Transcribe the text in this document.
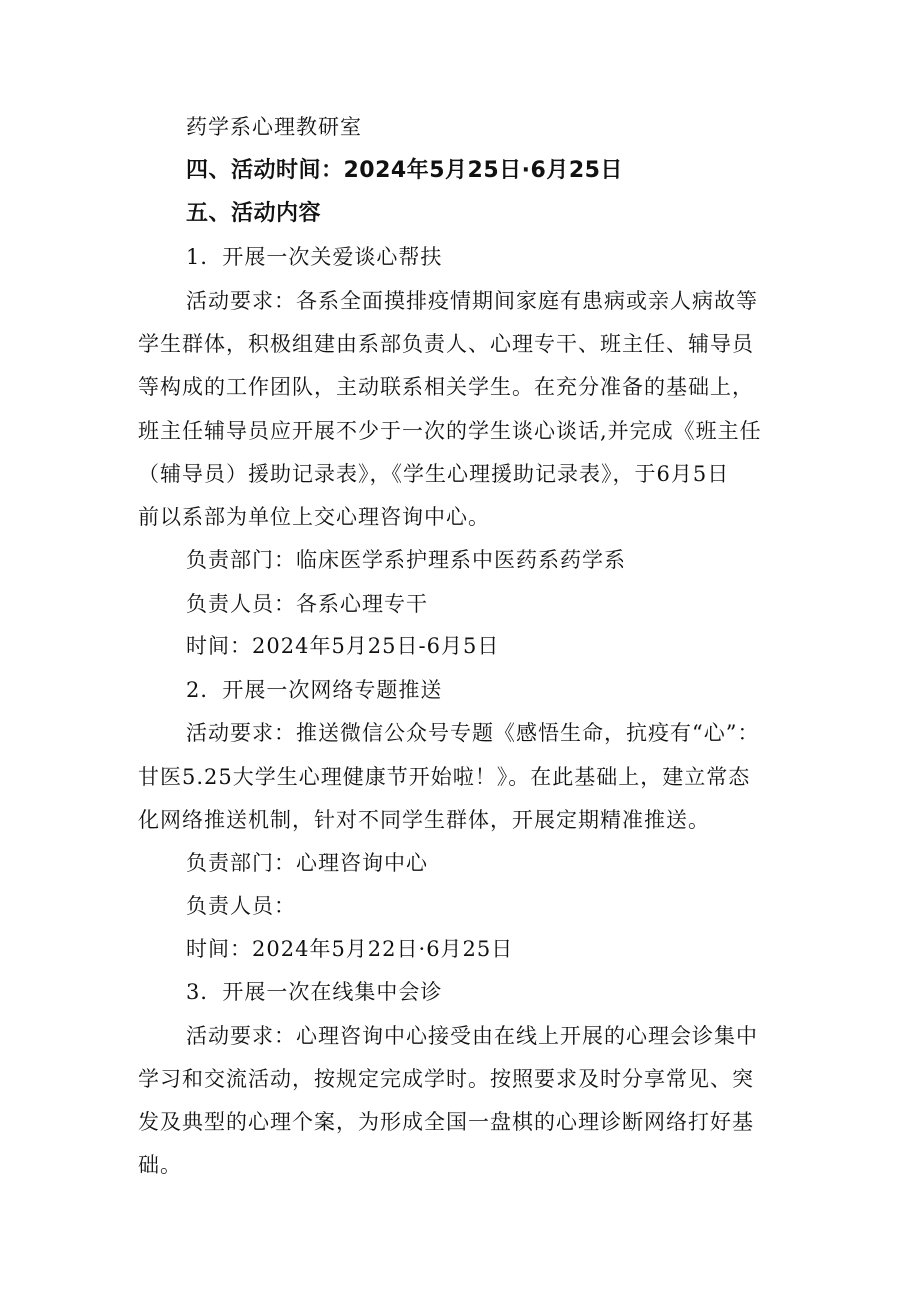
药学系心理教研室
四、活动时间：2024年5月25日·6月25日
五、活动内容
1．开展一次关爱谈心帮扶
活动要求：各系全面摸排疫情期间家庭有患病或亲人病故等
学生群体，积极组建由系部负责人、心理专干、班主任、辅导员
等构成的工作团队，主动联系相关学生。在充分准备的基础上，
班主任辅导员应开展不少于一次的学生谈心谈话,并完成《班主任
（辅导员）援助记录表》，《学生心理援助记录表》，于6月5日
前以系部为单位上交心理咨询中心。
负责部门：临床医学系护理系中医药系药学系
负责人员：各系心理专干
时间：2024年5月25日-6月5日
2．开展一次网络专题推送
活动要求：推送微信公众号专题《感悟生命，抗疫有“心”：
甘医5.25大学生心理健康节开始啦！》。在此基础上，建立常态
化网络推送机制，针对不同学生群体，开展定期精准推送。
负责部门：心理咨询中心
负责人员：
时间：2024年5月22日·6月25日
3．开展一次在线集中会诊
活动要求：心理咨询中心接受由在线上开展的心理会诊集中
学习和交流活动，按规定完成学时。按照要求及时分享常见、突
发及典型的心理个案，为形成全国一盘棋的心理诊断网络打好基
础。
